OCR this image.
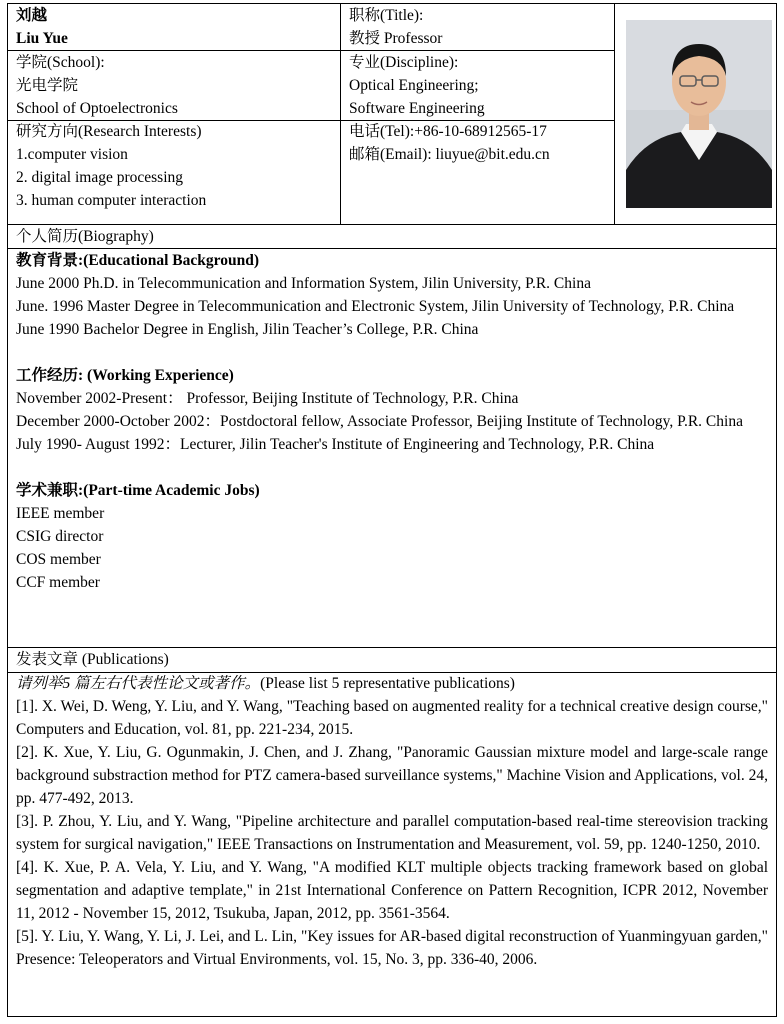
刘越
Liu Yue
职称(Title):
教授 Professor
学院(School):
光电学院
School of Optoelectronics
专业(Discipline):
Optical Engineering;
Software Engineering
研究方向(Research Interests)
1.computer vision
2. digital image processing
3. human computer interaction
电话(Tel):+86-10-68912565-17
邮箱(Email): liuyue@bit.edu.cn
个人简历(Biography)
教育背景:(Educational Background)
June 2000 Ph.D. in Telecommunication and Information System, Jilin University, P.R. China
June. 1996 Master Degree in Telecommunication and Electronic System, Jilin University of Technology, P.R. China
June 1990 Bachelor Degree in English, Jilin Teacher’s College, P.R. China
工作经历: (Working Experience)
November 2002-Present： Professor, Beijing Institute of Technology, P.R. China
December 2000-October 2002：Postdoctoral fellow, Associate Professor, Beijing Institute of Technology, P.R. China
July 1990- August 1992：Lecturer, Jilin Teacher's Institute of Engineering and Technology, P.R. China
学术兼职:(Part-time Academic Jobs)
IEEE member
CSIG director
COS member
CCF member
发表文章 (Publications)
请列举5 篇左右代表性论文或著作。(Please list 5 representative publications)
[1]. X. Wei, D. Weng, Y. Liu, and Y. Wang, "Teaching based on augmented reality for a technical creative design course," Computers and Education, vol. 81, pp. 221-234, 2015.
[2]. K. Xue, Y. Liu, G. Ogunmakin, J. Chen, and J. Zhang, "Panoramic Gaussian mixture model and large-scale range background substraction method for PTZ camera-based surveillance systems," Machine Vision and Applications, vol. 24, pp. 477-492, 2013.
[3]. P. Zhou, Y. Liu, and Y. Wang, "Pipeline architecture and parallel computation-based real-time stereovision tracking system for surgical navigation," IEEE Transactions on Instrumentation and Measurement, vol. 59, pp. 1240-1250, 2010.
[4]. K. Xue, P. A. Vela, Y. Liu, and Y. Wang, "A modified KLT multiple objects tracking framework based on global segmentation and adaptive template," in 21st International Conference on Pattern Recognition, ICPR 2012, November 11, 2012 - November 15, 2012, Tsukuba, Japan, 2012, pp. 3561-3564.
[5]. Y. Liu, Y. Wang, Y. Li, J. Lei, and L. Lin, "Key issues for AR-based digital reconstruction of Yuanmingyuan garden," Presence: Teleoperators and Virtual Environments, vol. 15, No. 3, pp. 336-40, 2006.
